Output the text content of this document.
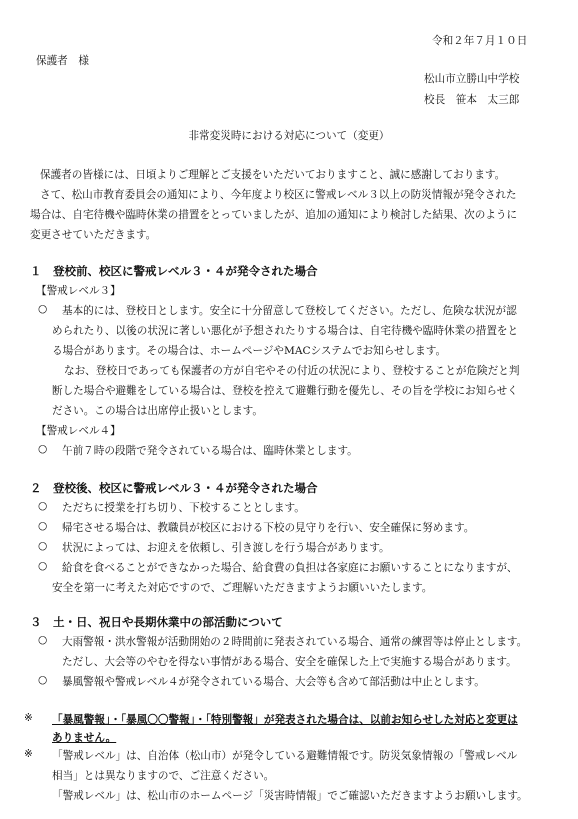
令和２年７月１０日
保護者　様
松山市立勝山中学校
校長　笹本　太三郎
非常変災時における対応について（変更）
保護者の皆様には、日頃よりご理解とご支援をいただいておりますこと、誠に感謝しております。
さて、松山市教育委員会の通知により、今年度より校区に警戒レベル３以上の防災情報が発令された
場合は、自宅待機や臨時休業の措置をとっていましたが、追加の通知により検討した結果、次のように
変更させていただきます。
１　登校前、校区に警戒レベル３・４が発令された場合
【警戒レベル３】
○ 基本的には、登校日とします。安全に十分留意して登校してください。ただし、危険な状況が認
められたり、以後の状況に著しい悪化が予想されたりする場合は、自宅待機や臨時休業の措置をと
る場合があります。その場合は、ホームページやMACシステムでお知らせします。
なお、登校日であっても保護者の方が自宅やその付近の状況により、登校することが危険だと判
断した場合や避難をしている場合は、登校を控えて避難行動を優先し、その旨を学校にお知らせく
ださい。この場合は出席停止扱いとします。
【警戒レベル４】
○ 午前７時の段階で発令されている場合は、臨時休業とします。
２　登校後、校区に警戒レベル３・４が発令された場合
○ ただちに授業を打ち切り、下校することとします。
○ 帰宅させる場合は、教職員が校区における下校の見守りを行い、安全確保に努めます。
○ 状況によっては、お迎えを依頼し、引き渡しを行う場合があります。
○ 給食を食べることができなかった場合、給食費の負担は各家庭にお願いすることになりますが、
安全を第一に考えた対応ですので、ご理解いただきますようお願いいたします。
３　土・日、祝日や長期休業中の部活動について
○ 大雨警報・洪水警報が活動開始の２時間前に発表されている場合、通常の練習等は停止とします。
ただし、大会等のやむを得ない事情がある場合、安全を確保した上で実施する場合があります。
○ 暴風警報や警戒レベル４が発令されている場合、大会等も含めて部活動は中止とします。
※ 「暴風警報」・「暴風〇〇警報」・「特別警報」が発表された場合は、以前お知らせした対応と変更は
ありません。
※ 「警戒レベル」は、自治体（松山市）が発令している避難情報です。防災気象情報の「警戒レベル
相当」とは異なりますので、ご注意ください。
「警戒レベル」は、松山市のホームページ「災害時情報」でご確認いただきますようお願いします。
